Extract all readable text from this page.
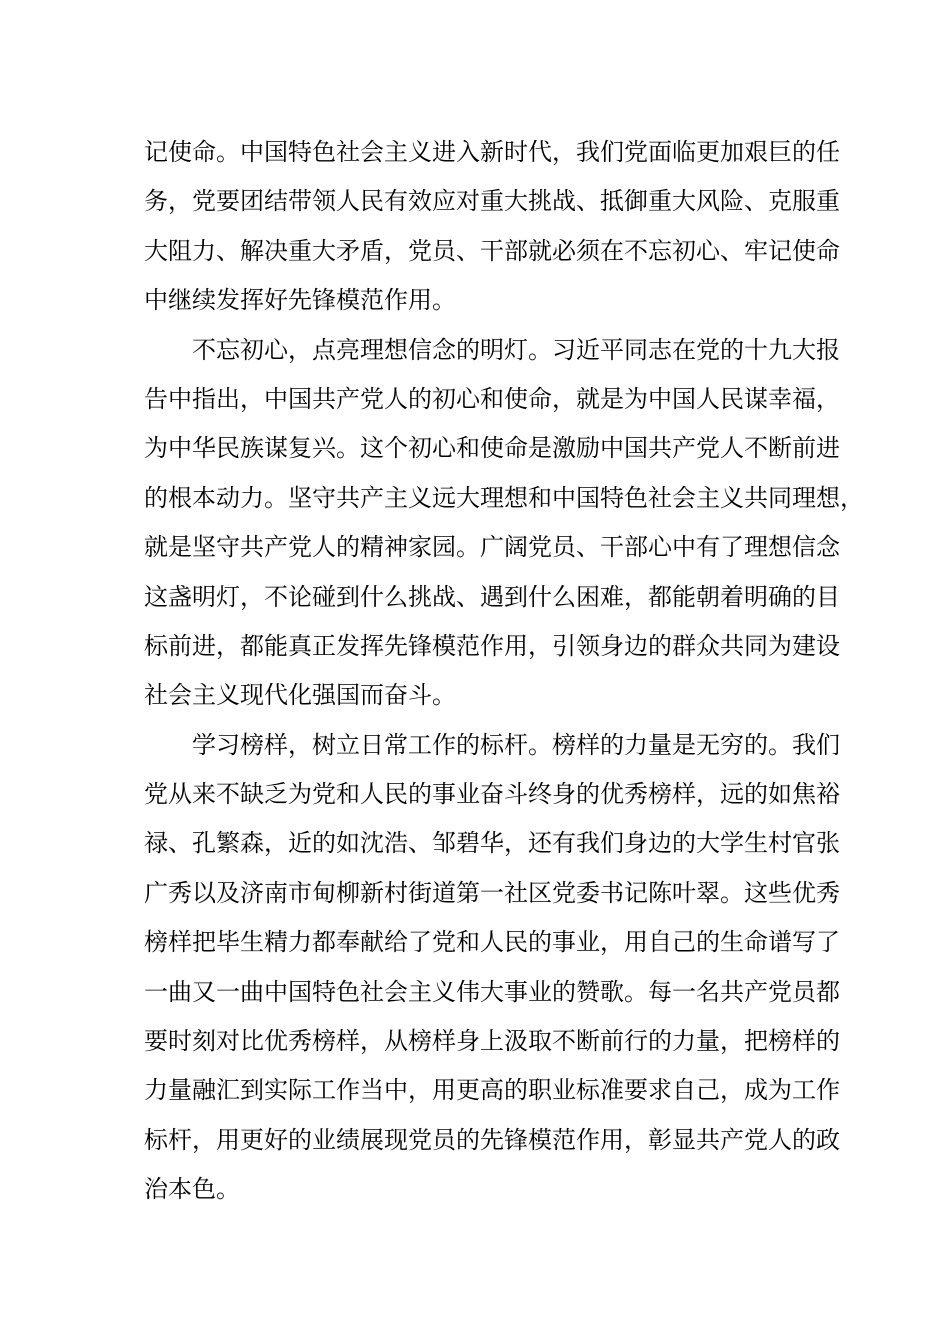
记使命。中国特色社会主义进入新时代，我们党面临更加艰巨的任
务，党要团结带领人民有效应对重大挑战、抵御重大风险、克服重
大阻力、解决重大矛盾，党员、干部就必须在不忘初心、牢记使命
中继续发挥好先锋模范作用。
不忘初心，点亮理想信念的明灯。习近平同志在党的十九大报
告中指出，中国共产党人的初心和使命，就是为中国人民谋幸福，
为中华民族谋复兴。这个初心和使命是激励中国共产党人不断前进
的根本动力。坚守共产主义远大理想和中国特色社会主义共同理想，
就是坚守共产党人的精神家园。广阔党员、干部心中有了理想信念
这盏明灯，不论碰到什么挑战、遇到什么困难，都能朝着明确的目
标前进，都能真正发挥先锋模范作用，引领身边的群众共同为建设
社会主义现代化强国而奋斗。
学习榜样，树立日常工作的标杆。榜样的力量是无穷的。我们
党从来不缺乏为党和人民的事业奋斗终身的优秀榜样，远的如焦裕
禄、孔繁森，近的如沈浩、邹碧华，还有我们身边的大学生村官张
广秀以及济南市甸柳新村街道第一社区党委书记陈叶翠。这些优秀
榜样把毕生精力都奉献给了党和人民的事业，用自己的生命谱写了
一曲又一曲中国特色社会主义伟大事业的赞歌。每一名共产党员都
要时刻对比优秀榜样，从榜样身上汲取不断前行的力量，把榜样的
力量融汇到实际工作当中，用更高的职业标准要求自己，成为工作
标杆，用更好的业绩展现党员的先锋模范作用，彰显共产党人的政
治本色。
